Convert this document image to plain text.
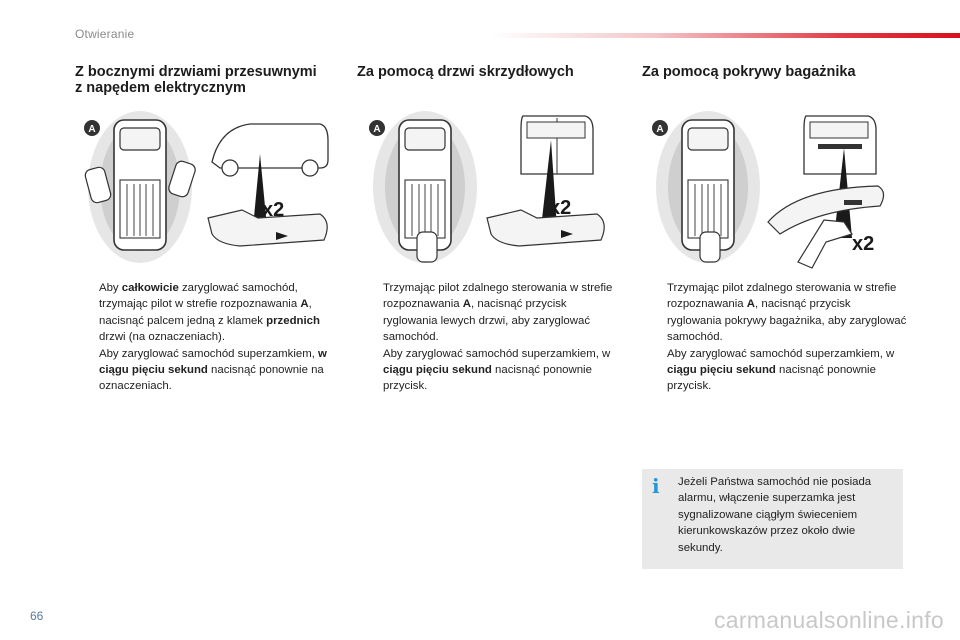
Otwieranie
Z bocznymi drzwiami przesuwnymi
z napędem elektrycznym
Za pomocą drzwi skrzydłowych	Za pomocą pokrywy bagażnika
A
x2
A
x2
A
x2
Aby całkowicie zaryglować samochód, trzymając pilot w strefie rozpoznawania A, nacisnąć palcem jedną z klamek przednich drzwi (na oznaczeniach).
Aby zaryglować samochód superzamkiem, w ciągu pięciu sekund nacisnąć ponownie na oznaczeniach.
Trzymając pilot zdalnego sterowania w strefie rozpoznawania A, nacisnąć przycisk ryglowania lewych drzwi, aby zaryglować samochód.
Aby zaryglować samochód superzamkiem, w ciągu pięciu sekund nacisnąć ponownie przycisk.
Trzymając pilot zdalnego sterowania w strefie rozpoznawania A, nacisnąć przycisk ryglowania pokrywy bagażnika, aby zaryglować samochód.
Aby zaryglować samochód superzamkiem, w ciągu pięciu sekund nacisnąć ponownie przycisk.
i Jeżeli Państwa samochód nie posiada alarmu, włączenie superzamka jest sygnalizowane ciągłym świeceniem kierunkowskazów przez około dwie sekundy.

66	carmanualsonline.info
